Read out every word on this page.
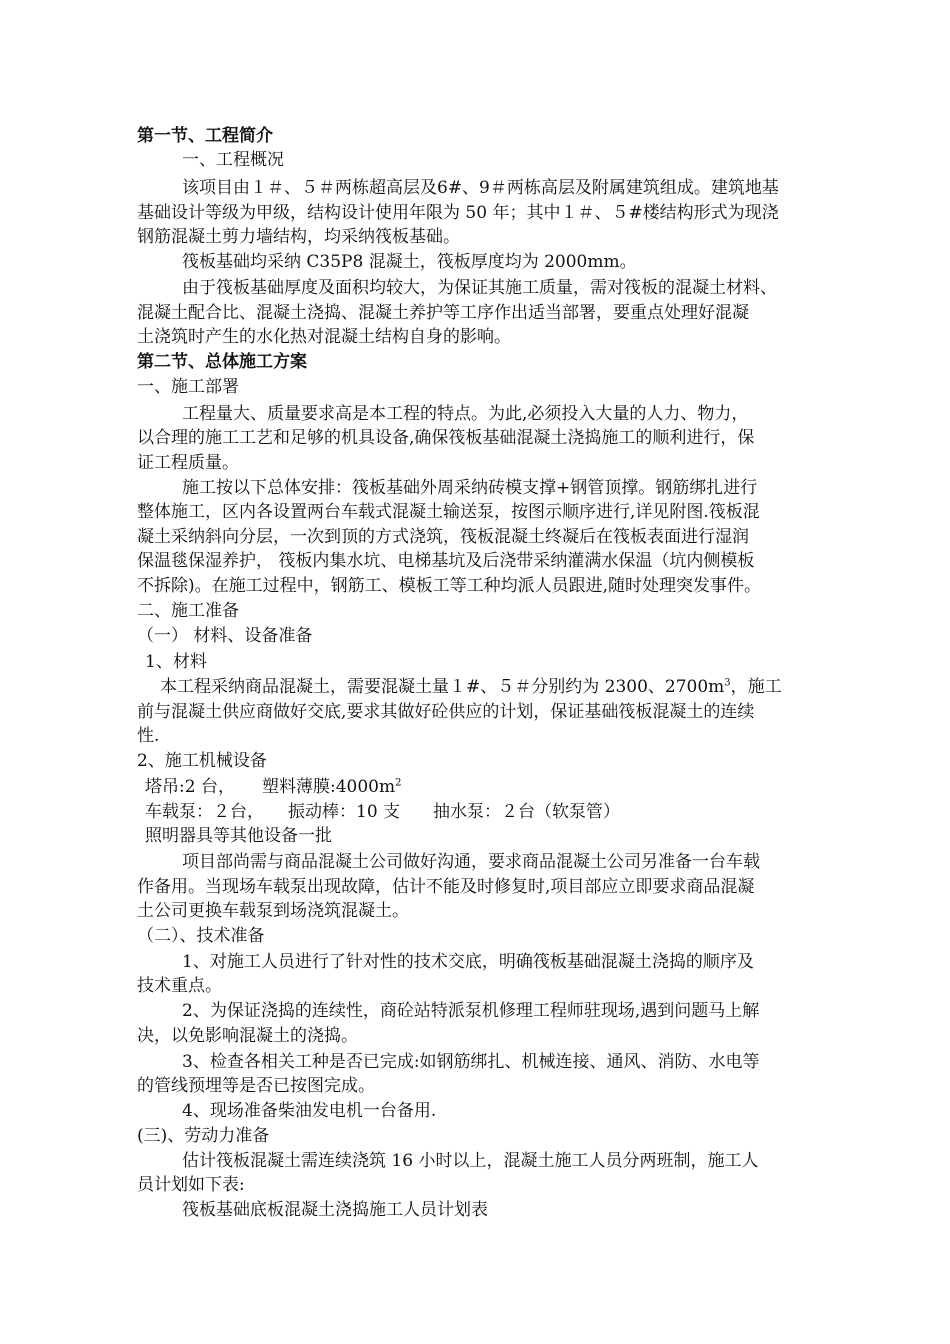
第一节、工程简介
一、工程概况
该项目由１＃、５＃两栋超高层及6#、9＃两栋高层及附属建筑组成。建筑地基
基础设计等级为甲级，结构设计使用年限为 50 年；其中１＃、５#楼结构形式为现浇
钢筋混凝土剪力墙结构，均采纳筏板基础。
筏板基础均采纳 C35P8 混凝土，筏板厚度均为 2000mm。
由于筏板基础厚度及面积均较大，为保证其施工质量，需对筏板的混凝土材料、
混凝土配合比、混凝土浇捣、混凝土养护等工序作出适当部署，要重点处理好混凝
土浇筑时产生的水化热对混凝土结构自身的影响。
第二节、总体施工方案
一、施工部署
工程量大、质量要求高是本工程的特点。为此,必须投入大量的人力、物力，
以合理的施工工艺和足够的机具设备,确保筏板基础混凝土浇捣施工的顺利进行，保
证工程质量。
施工按以下总体安排：筏板基础外周采纳砖模支撑+钢管顶撑。钢筋绑扎进行
整体施工，区内各设置两台车载式混凝土输送泵，按图示顺序进行,详见附图.筏板混
凝土采纳斜向分层，一次到顶的方式浇筑，筏板混凝土终凝后在筏板表面进行湿润
保温毯保湿养护， 筏板内集水坑、电梯基坑及后浇带采纳灌满水保温（坑内侧模板
不拆除)。在施工过程中，钢筋工、模板工等工种均派人员跟进,随时处理突发事件。
二、施工准备
（一） 材料、设备准备
1、材料
本工程采纳商品混凝土，需要混凝土量１#、５＃分别约为 2300、$2700m^3$，施工
前与混凝土供应商做好交底,要求其做好砼供应的计划，保证基础筏板混凝土的连续
性.
2、施工机械设备
塔吊:2 台， 塑料薄膜$:4000m^2$
车载泵：２台， 振动棒：10 支 抽水泵：２台（软泵管）
照明器具等其他设备一批
项目部尚需与商品混凝土公司做好沟通，要求商品混凝土公司另准备一台车载
作备用。当现场车载泵出现故障，估计不能及时修复时,项目部应立即要求商品混凝
土公司更换车载泵到场浇筑混凝土。
（二）、技术准备
1、对施工人员进行了针对性的技术交底，明确筏板基础混凝土浇捣的顺序及
技术重点。
2、为保证浇捣的连续性，商砼站特派泵机修理工程师驻现场,遇到问题马上解
决，以免影响混凝土的浇捣。
3、检查各相关工种是否已完成:如钢筋绑扎、机械连接、通风、消防、水电等
的管线预埋等是否已按图完成。
4、现场准备柴油发电机一台备用.
(三)、劳动力准备
估计筏板混凝土需连续浇筑 16 小时以上，混凝土施工人员分两班制，施工人
员计划如下表:
筏板基础底板混凝土浇捣施工人员计划表
